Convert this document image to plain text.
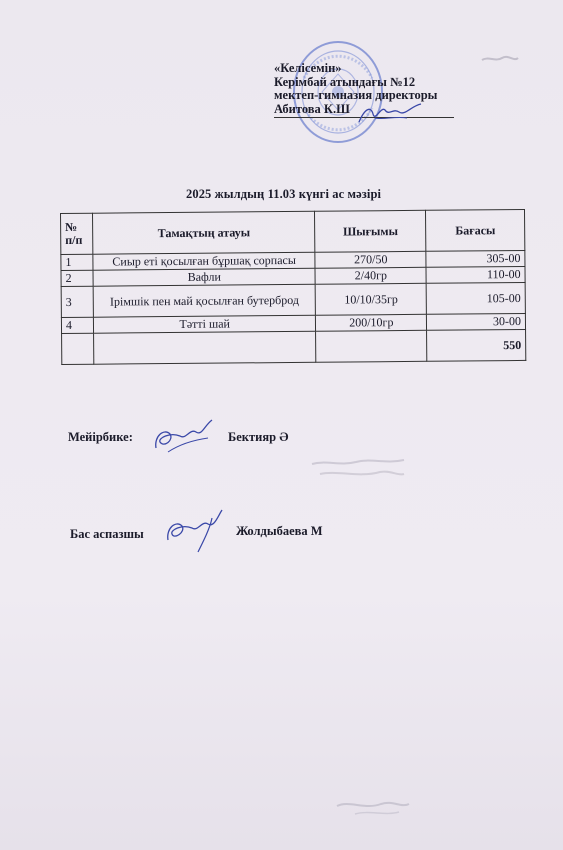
«Келісемін»
Керімбай атындағы №12
мектеп-гимназия директоры
Абитова К.Ш
2025 жылдың 11.03 күнгі ас мәзірі
№ п/п	Тамақтың атауы	Шығымы	Бағасы
1	Сиыр еті қосылған бұршақ сорпасы	270/50	305-00
2	Вафли	2/40гр	110-00
3	Ірімшік пен май қосылған бутерброд	10/10/35гр	105-00
4	Тәтті шай	200/10гр	30-00
			550
Мейірбике:	Бектияр Ә
Бас аспазшы	Жолдыбаева М
